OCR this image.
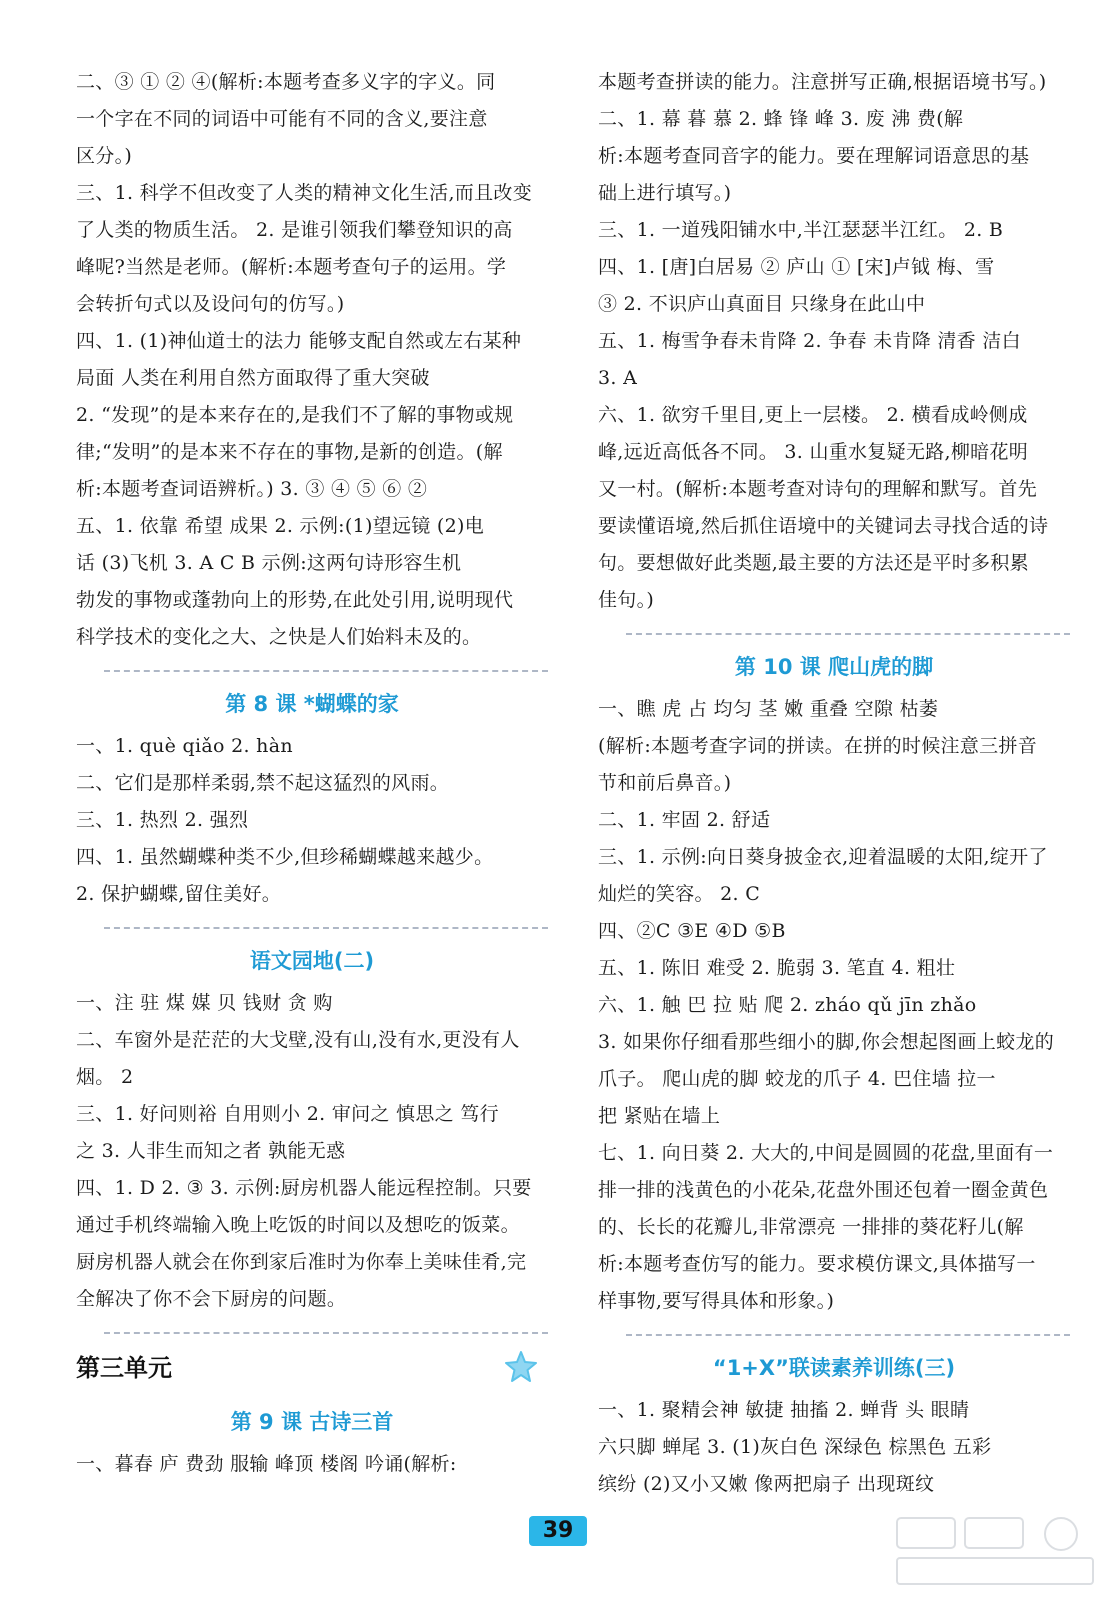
二、③ ① ② ④(解析:本题考查多义字的字义。同
一个字在不同的词语中可能有不同的含义,要注意
区分。)
三、1. 科学不但改变了人类的精神文化生活,而且改变
了人类的物质生活。 2. 是谁引领我们攀登知识的高
峰呢?当然是老师。(解析:本题考查句子的运用。学
会转折句式以及设问句的仿写。)
四、1. (1)神仙道士的法力 能够支配自然或左右某种
局面 人类在利用自然方面取得了重大突破
2. “发现”的是本来存在的,是我们不了解的事物或规
律;“发明”的是本来不存在的事物,是新的创造。(解
析:本题考查词语辨析。) 3. ③ ④ ⑤ ⑥ ②
五、1. 依靠 希望 成果 2. 示例:(1)望远镜 (2)电
话 (3)飞机 3. A C B 示例:这两句诗形容生机
勃发的事物或蓬勃向上的形势,在此处引用,说明现代
科学技术的变化之大、之快是人们始料未及的。
第 8 课 *蝴蝶的家
一、1. què qiǎo 2. hàn
二、它们是那样柔弱,禁不起这猛烈的风雨。
三、1. 热烈 2. 强烈
四、1. 虽然蝴蝶种类不少,但珍稀蝴蝶越来越少。
2. 保护蝴蝶,留住美好。
语文园地(二)
一、注 驻 煤 媒 贝 钱财 贪 购
二、车窗外是茫茫的大戈壁,没有山,没有水,更没有人
烟。 2
三、1. 好问则裕 自用则小 2. 审问之 慎思之 笃行
之 3. 人非生而知之者 孰能无惑
四、1. D 2. ③ 3. 示例:厨房机器人能远程控制。只要
通过手机终端输入晚上吃饭的时间以及想吃的饭菜。
厨房机器人就会在你到家后准时为你奉上美味佳肴,完
全解决了你不会下厨房的问题。
第三单元
第 9 课 古诗三首
一、暮春 庐 费劲 服输 峰顶 楼阁 吟诵(解析:
本题考查拼读的能力。注意拼写正确,根据语境书写。)
二、1. 幕 暮 慕 2. 蜂 锋 峰 3. 废 沸 费(解
析:本题考查同音字的能力。要在理解词语意思的基
础上进行填写。)
三、1. 一道残阳铺水中,半江瑟瑟半江红。 2. B
四、1. [唐]白居易 ② 庐山 ① [宋]卢钺 梅、雪
③ 2. 不识庐山真面目 只缘身在此山中
五、1. 梅雪争春未肯降 2. 争春 未肯降 清香 洁白
3. A
六、1. 欲穷千里目,更上一层楼。 2. 横看成岭侧成
峰,远近高低各不同。 3. 山重水复疑无路,柳暗花明
又一村。(解析:本题考查对诗句的理解和默写。首先
要读懂语境,然后抓住语境中的关键词去寻找合适的诗
句。要想做好此类题,最主要的方法还是平时多积累
佳句。)
第 10 课 爬山虎的脚
一、瞧 虎 占 均匀 茎 嫩 重叠 空隙 枯萎
(解析:本题考查字词的拼读。在拼的时候注意三拼音
节和前后鼻音。)
二、1. 牢固 2. 舒适
三、1. 示例:向日葵身披金衣,迎着温暖的太阳,绽开了
灿烂的笑容。 2. C
四、②C ③E ④D ⑤B
五、1. 陈旧 难受 2. 脆弱 3. 笔直 4. 粗壮
六、1. 触 巴 拉 贴 爬 2. zháo qǔ jīn zhǎo
3. 如果你仔细看那些细小的脚,你会想起图画上蛟龙的
爪子。 爬山虎的脚 蛟龙的爪子 4. 巴住墙 拉一
把 紧贴在墙上
七、1. 向日葵 2. 大大的,中间是圆圆的花盘,里面有一
排一排的浅黄色的小花朵,花盘外围还包着一圈金黄色
的、长长的花瓣儿,非常漂亮 一排排的葵花籽儿(解
析:本题考查仿写的能力。要求模仿课文,具体描写一
样事物,要写得具体和形象。)
“1+X”联读素养训练(三)
一、1. 聚精会神 敏捷 抽搐 2. 蝉背 头 眼睛
六只脚 蝉尾 3. (1)灰白色 深绿色 棕黑色 五彩
缤纷 (2)又小又嫩 像两把扇子 出现斑纹
39
